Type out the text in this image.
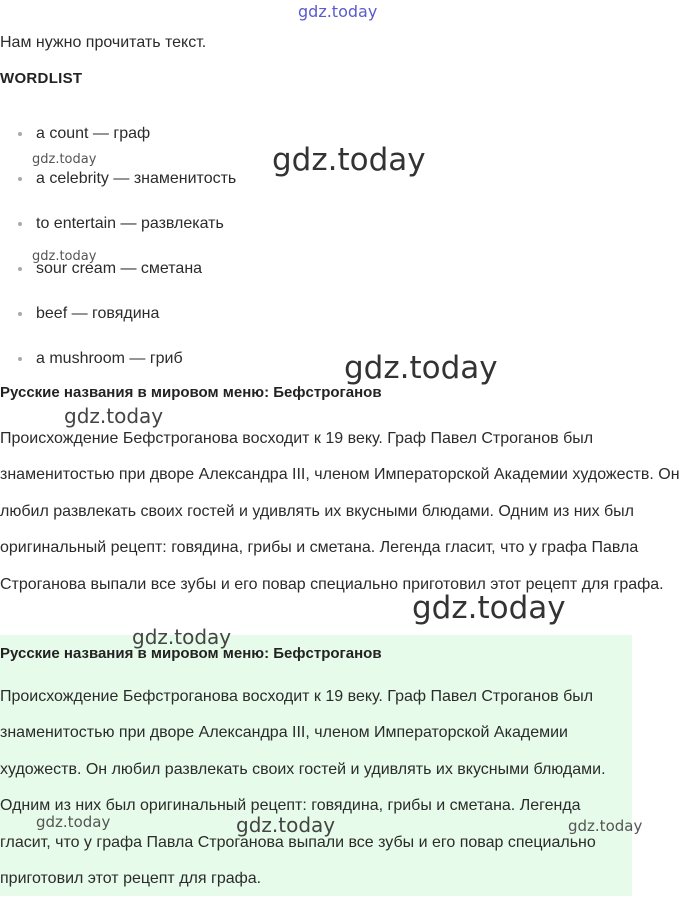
gdz.today
Нам нужно прочитать текст.
WORDLIST
a count — граф
a celebrity — знаменитость
to entertain — развлекать
sour cream — сметана
beef — говядина
a mushroom — гриб
Русские названия в мировом меню: Бефстроганов

Происхождение Бефстроганова восходит к 19 веку. Граф Павел Строганов был знаменитостью при дворе Александра III, членом Императорской Академии художеств. Он любил развлекать своих гостей и удивлять их вкусными блюдами. Одним из них был оригинальный рецепт: говядина, грибы и сметана. Легенда гласит, что у графа Павла Строганова выпали все зубы и его повар специально приготовил этот рецепт для графа.

Русские названия в мировом меню: Бефстроганов

Происхождение Бефстроганова восходит к 19 веку. Граф Павел Строганов был знаменитостью при дворе Александра III, членом Императорской Академии художеств. Он любил развлекать своих гостей и удивлять их вкусными блюдами. Одним из них был оригинальный рецепт: говядина, грибы и сметана. Легенда гласит, что у графа Павла Строганова выпали все зубы и его повар специально приготовил этот рецепт для графа.

gdz.today
gdz.today
gdz.today
gdz.today
gdz.today
gdz.today
gdz.today
gdz.today
gdz.today	gdz.today
